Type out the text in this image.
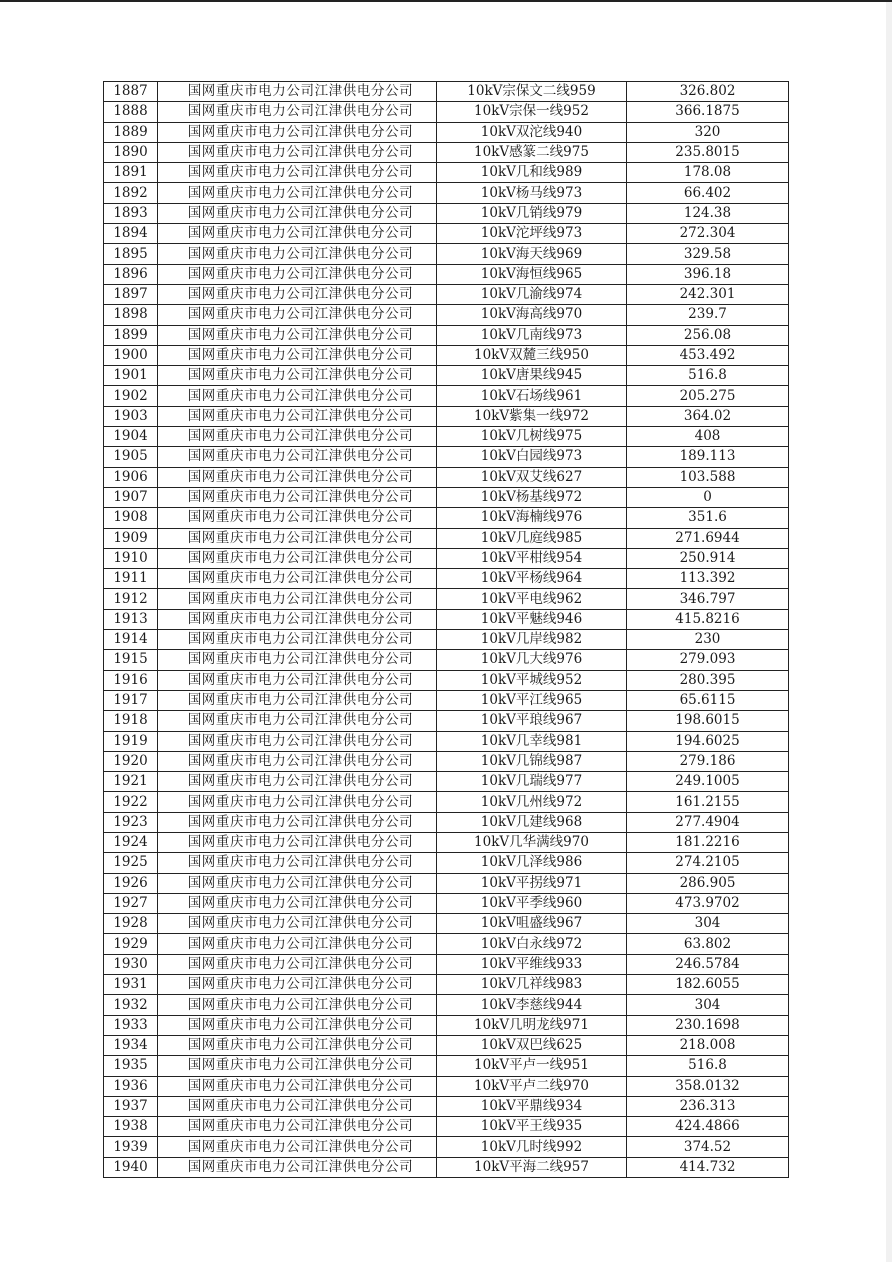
1887	国网重庆市电力公司江津供电分公司	10kV宗保文二线959	326.802
1888	国网重庆市电力公司江津供电分公司	10kV宗保一线952	366.1875
1889	国网重庆市电力公司江津供电分公司	10kV双沱线940	320
1890	国网重庆市电力公司江津供电分公司	10kV感篆二线975	235.8015
1891	国网重庆市电力公司江津供电分公司	10kV几和线989	178.08
1892	国网重庆市电力公司江津供电分公司	10kV杨马线973	66.402
1893	国网重庆市电力公司江津供电分公司	10kV几销线979	124.38
1894	国网重庆市电力公司江津供电分公司	10kV沱坪线973	272.304
1895	国网重庆市电力公司江津供电分公司	10kV海天线969	329.58
1896	国网重庆市电力公司江津供电分公司	10kV海恒线965	396.18
1897	国网重庆市电力公司江津供电分公司	10kV几渝线974	242.301
1898	国网重庆市电力公司江津供电分公司	10kV海高线970	239.7
1899	国网重庆市电力公司江津供电分公司	10kV几南线973	256.08
1900	国网重庆市电力公司江津供电分公司	10kV双麓三线950	453.492
1901	国网重庆市电力公司江津供电分公司	10kV唐果线945	516.8
1902	国网重庆市电力公司江津供电分公司	10kV石场线961	205.275
1903	国网重庆市电力公司江津供电分公司	10kV紫集一线972	364.02
1904	国网重庆市电力公司江津供电分公司	10kV几树线975	408
1905	国网重庆市电力公司江津供电分公司	10kV白园线973	189.113
1906	国网重庆市电力公司江津供电分公司	10kV双艾线627	103.588
1907	国网重庆市电力公司江津供电分公司	10kV杨基线972	0
1908	国网重庆市电力公司江津供电分公司	10kV海楠线976	351.6
1909	国网重庆市电力公司江津供电分公司	10kV几庭线985	271.6944
1910	国网重庆市电力公司江津供电分公司	10kV平柑线954	250.914
1911	国网重庆市电力公司江津供电分公司	10kV平杨线964	113.392
1912	国网重庆市电力公司江津供电分公司	10kV平电线962	346.797
1913	国网重庆市电力公司江津供电分公司	10kV平魅线946	415.8216
1914	国网重庆市电力公司江津供电分公司	10kV几岸线982	230
1915	国网重庆市电力公司江津供电分公司	10kV几大线976	279.093
1916	国网重庆市电力公司江津供电分公司	10kV平城线952	280.395
1917	国网重庆市电力公司江津供电分公司	10kV平江线965	65.6115
1918	国网重庆市电力公司江津供电分公司	10kV平琅线967	198.6015
1919	国网重庆市电力公司江津供电分公司	10kV几幸线981	194.6025
1920	国网重庆市电力公司江津供电分公司	10kV几锦线987	279.186
1921	国网重庆市电力公司江津供电分公司	10kV几瑞线977	249.1005
1922	国网重庆市电力公司江津供电分公司	10kV几州线972	161.2155
1923	国网重庆市电力公司江津供电分公司	10kV几建线968	277.4904
1924	国网重庆市电力公司江津供电分公司	10kV几华满线970	181.2216
1925	国网重庆市电力公司江津供电分公司	10kV几泽线986	274.2105
1926	国网重庆市电力公司江津供电分公司	10kV平拐线971	286.905
1927	国网重庆市电力公司江津供电分公司	10kV平季线960	473.9702
1928	国网重庆市电力公司江津供电分公司	10kV咀盛线967	304
1929	国网重庆市电力公司江津供电分公司	10kV白永线972	63.802
1930	国网重庆市电力公司江津供电分公司	10kV平维线933	246.5784
1931	国网重庆市电力公司江津供电分公司	10kV几祥线983	182.6055
1932	国网重庆市电力公司江津供电分公司	10kV李慈线944	304
1933	国网重庆市电力公司江津供电分公司	10kV几明龙线971	230.1698
1934	国网重庆市电力公司江津供电分公司	10kV双巴线625	218.008
1935	国网重庆市电力公司江津供电分公司	10kV平卢一线951	516.8
1936	国网重庆市电力公司江津供电分公司	10kV平卢二线970	358.0132
1937	国网重庆市电力公司江津供电分公司	10kV平鼎线934	236.313
1938	国网重庆市电力公司江津供电分公司	10kV平王线935	424.4866
1939	国网重庆市电力公司江津供电分公司	10kV几时线992	374.52
1940	国网重庆市电力公司江津供电分公司	10kV平海二线957	414.732
